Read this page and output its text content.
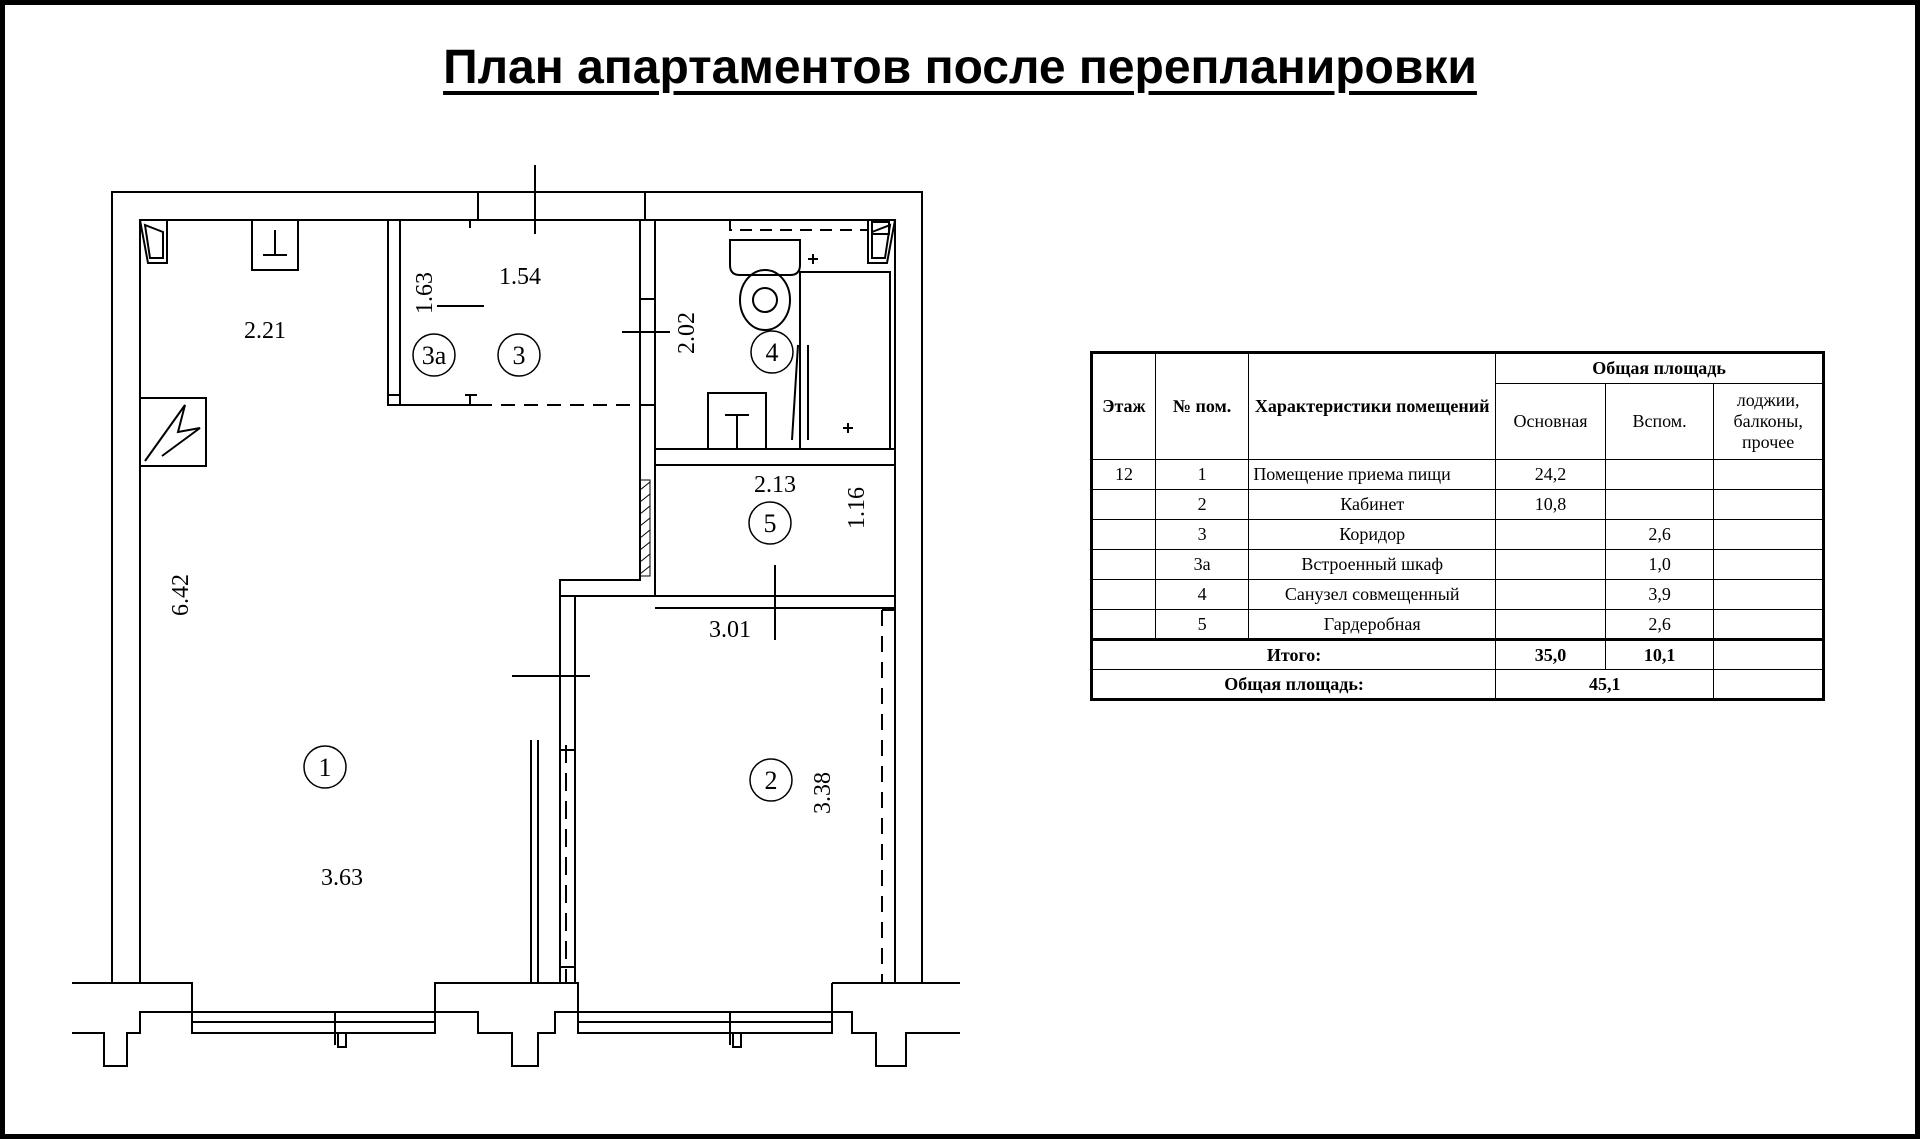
План апартаментов после перепланировки
2.21
1.63	1.54
2.02
2.13
1.16
6.42
3.01
3.38
3.63
3а	3	4
5
1	2
Этаж	№ пом.	Характеристики помещений	Общая площадь		
			Основная	Вспом.	лоджии, балконы, прочее
12	1	Помещение приема пищи	24,2		
	2	Кабинет	10,8		
	3	Коридор		2,6	
	3а	Встроенный шкаф		1,0	
	4	Санузел совмещенный		3,9	
	5	Гардеробная		2,6	
Итого:			35,0	10,1	
Общая площадь:			45,1		
